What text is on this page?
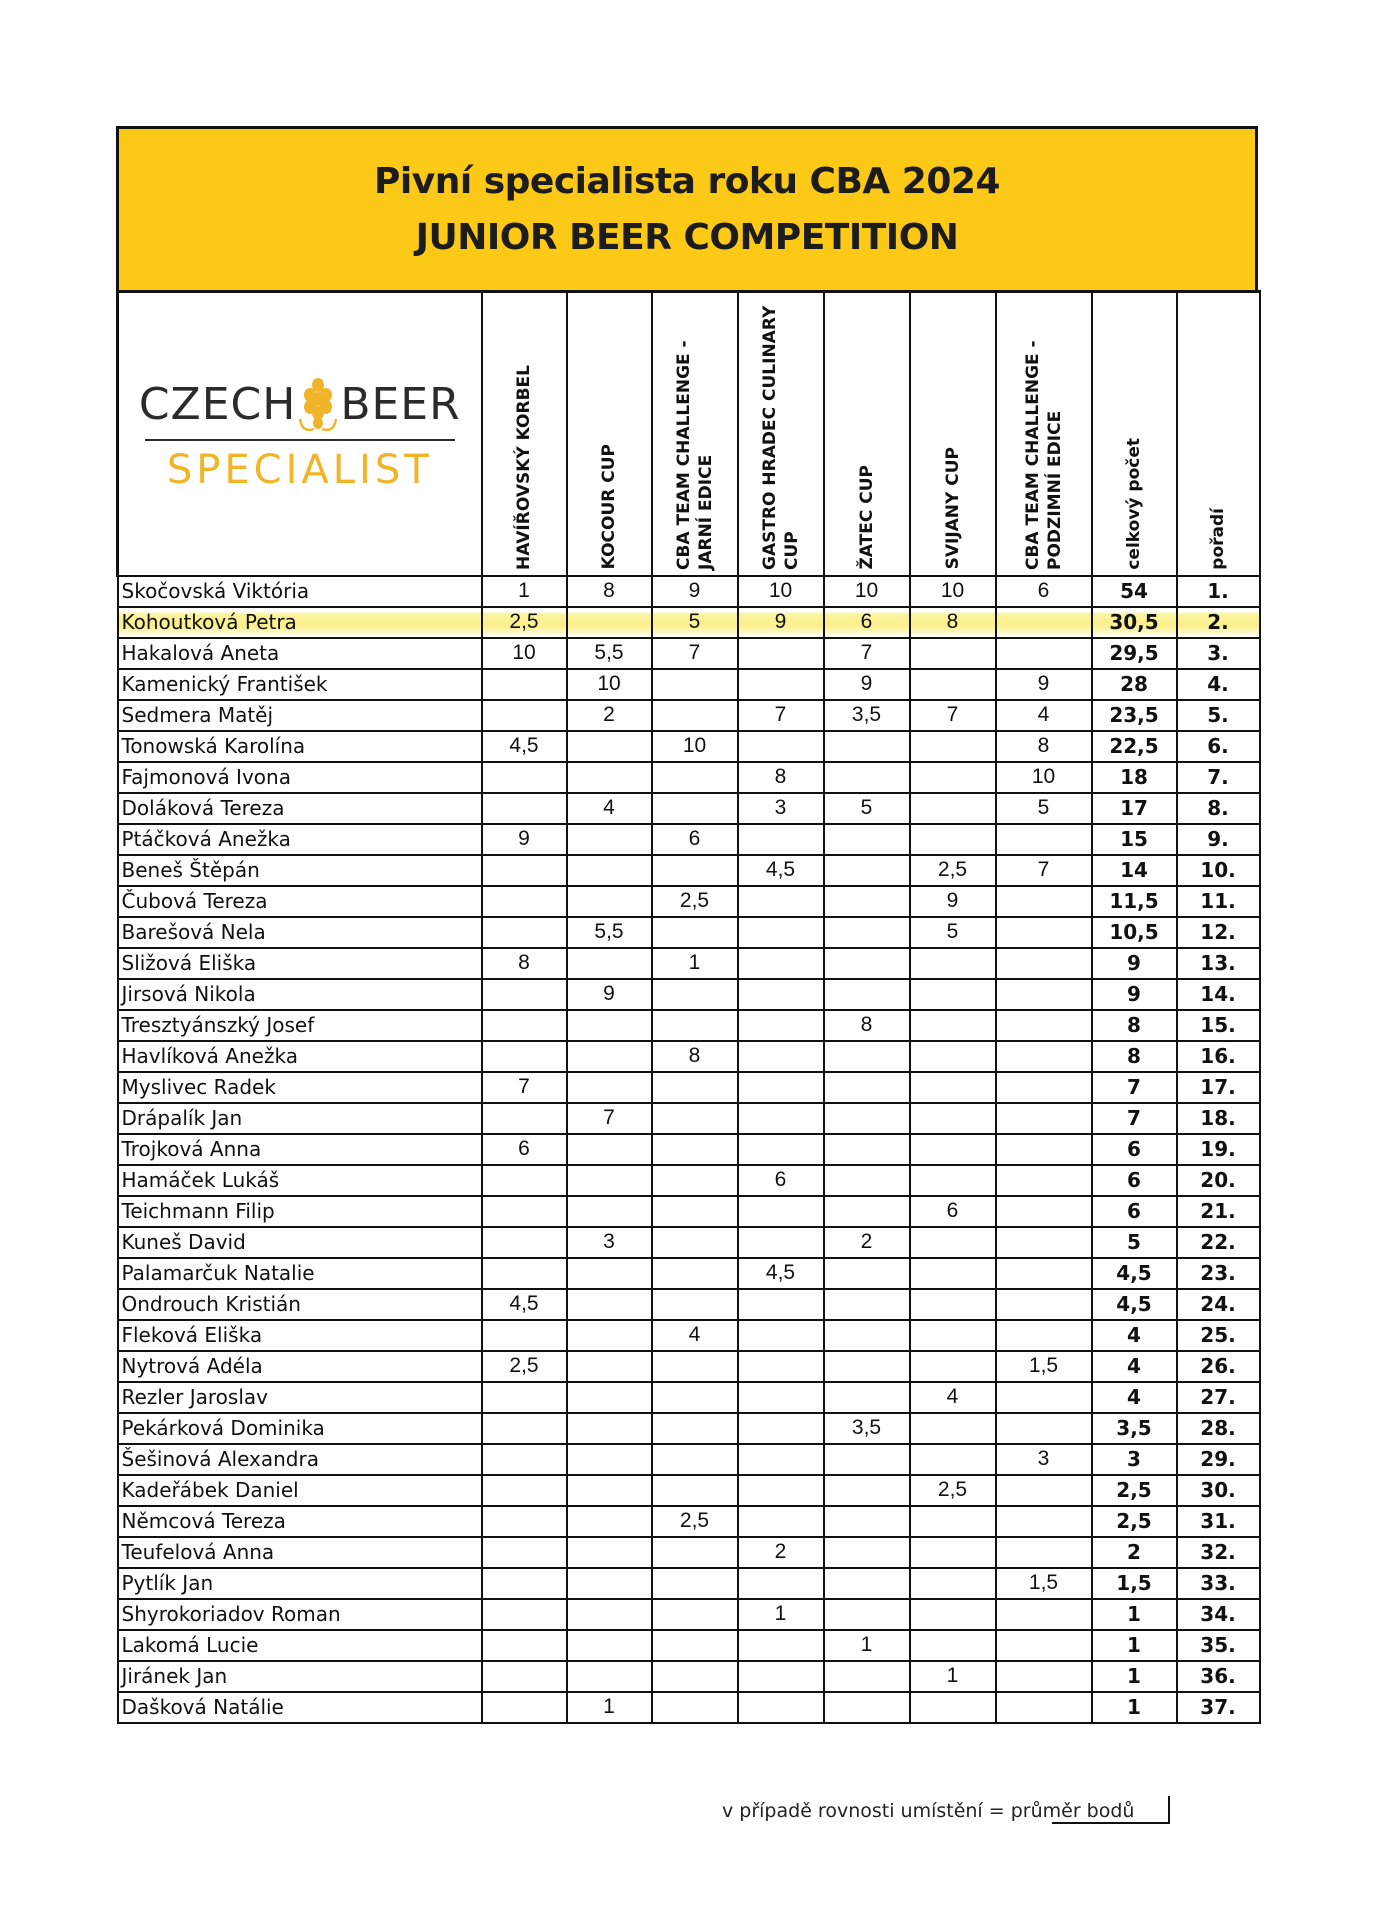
Pivní specialista roku CBA 2024
JUNIOR BEER COMPETITION
CZECH BEER
SPECIALIST	HAVÍŘOVSKÝ KORBEL	KOCOUR CUP	CBA TEAM CHALLENGE - JARNÍ EDICE	GASTRO HRADEC CULINARY CUP	ŽATEC CUP	SVIJANY CUP	CBA TEAM CHALLENGE - PODZIMNÍ EDICE	celkový počet	pořadí

Skočovská Viktória	1	8	9	10	10	10	6	54	1.
Kohoutková Petra	2,5		5	9	6	8		30,5	2.
Hakalová Aneta	10	5,5	7		7			29,5	3.
Kamenický František		10			9		9	28	4.
Sedmera Matěj		2		7	3,5	7	4	23,5	5.
Tonowská Karolína	4,5		10				8	22,5	6.
Fajmonová Ivona				8			10	18	7.
Doláková Tereza		4		3	5		5	17	8.
Ptáčková Anežka	9		6					15	9.
Beneš Štěpán				4,5		2,5	7	14	10.
Čubová Tereza			2,5			9		11,5	11.
Barešová Nela		5,5				5		10,5	12.
Sližová Eliška	8		1					9	13.
Jirsová Nikola		9						9	14.
Tresztyánszký Josef					8			8	15.
Havlíková Anežka			8					8	16.
Myslivec Radek	7							7	17.
Drápalík Jan		7						7	18.
Trojková Anna	6							6	19.
Hamáček Lukáš				6				6	20.
Teichmann Filip						6		6	21.
Kuneš David		3			2			5	22.
Palamarčuk Natalie				4,5				4,5	23.
Ondrouch Kristián	4,5							4,5	24.
Fleková Eliška			4					4	25.
Nytrová Adéla	2,5						1,5	4	26.
Rezler Jaroslav						4		4	27.
Pekárková Dominika					3,5			3,5	28.
Šešinová Alexandra							3	3	29.
Kadeřábek Daniel						2,5		2,5	30.
Němcová Tereza			2,5					2,5	31.
Teufelová Anna				2				2	32.
Pytlík Jan							1,5	1,5	33.
Shyrokoriadov Roman				1				1	34.
Lakomá Lucie					1			1	35.
Jiránek Jan						1		1	36.
Dašková Natálie		1						1	37.
v případě rovnosti umístění = průměr bodů
